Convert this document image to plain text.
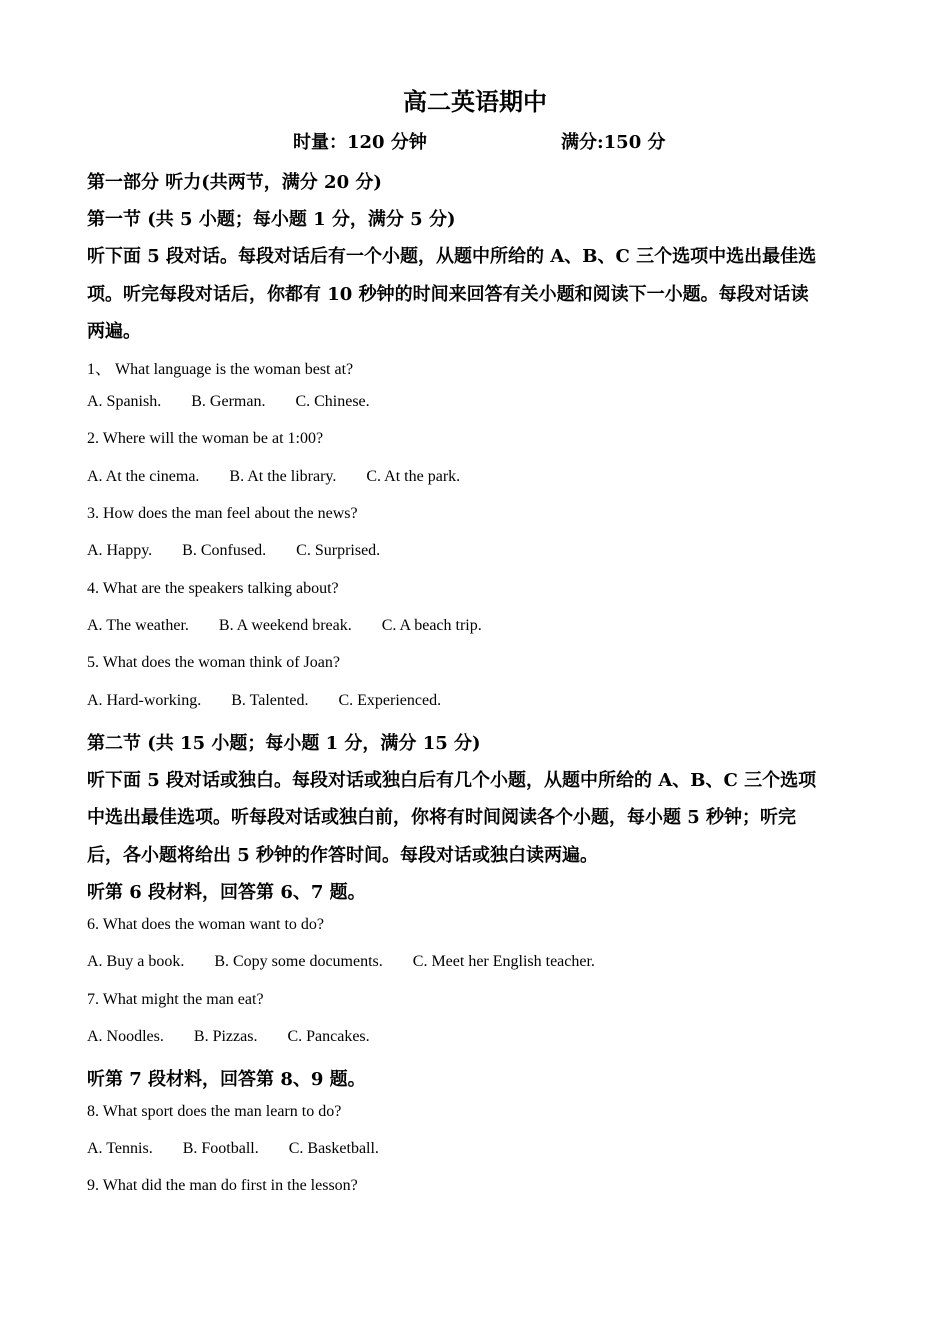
高二英语期中
时量：120 分钟	满分:150 分
第一部分 听力(共两节，满分 20 分)
第一节 (共 5 小题；每小题 1 分，满分 5 分)
听下面 5 段对话。每段对话后有一个小题，从题中所给的 A、B、C 三个选项中选出最佳选
项。听完每段对话后，你都有 10 秒钟的时间来回答有关小题和阅读下一小题。每段对话读
两遍。
1、 What language is the woman best at?
A. Spanish. B. German. C. Chinese.
2. Where will the woman be at 1:00?
A. At the cinema. B. At the library. C. At the park.
3. How does the man feel about the news?
A. Happy. B. Confused. C. Surprised.
4. What are the speakers talking about?
A. The weather. B. A weekend break. C. A beach trip.
5. What does the woman think of Joan?
A. Hard-working. B. Talented. C. Experienced.
第二节 (共 15 小题；每小题 1 分，满分 15 分)
听下面 5 段对话或独白。每段对话或独白后有几个小题，从题中所给的 A、B、C 三个选项
中选出最佳选项。听每段对话或独白前，你将有时间阅读各个小题，每小题 5 秒钟；听完
后，各小题将给出 5 秒钟的作答时间。每段对话或独白读两遍。
听第 6 段材料，回答第 6、7 题。
6. What does the woman want to do?
A. Buy a book. B. Copy some documents. C. Meet her English teacher.
7. What might the man eat?
A. Noodles. B. Pizzas. C. Pancakes.
听第 7 段材料，回答第 8、9 题。
8. What sport does the man learn to do?
A. Tennis. B. Football. C. Basketball.
9. What did the man do first in the lesson?
